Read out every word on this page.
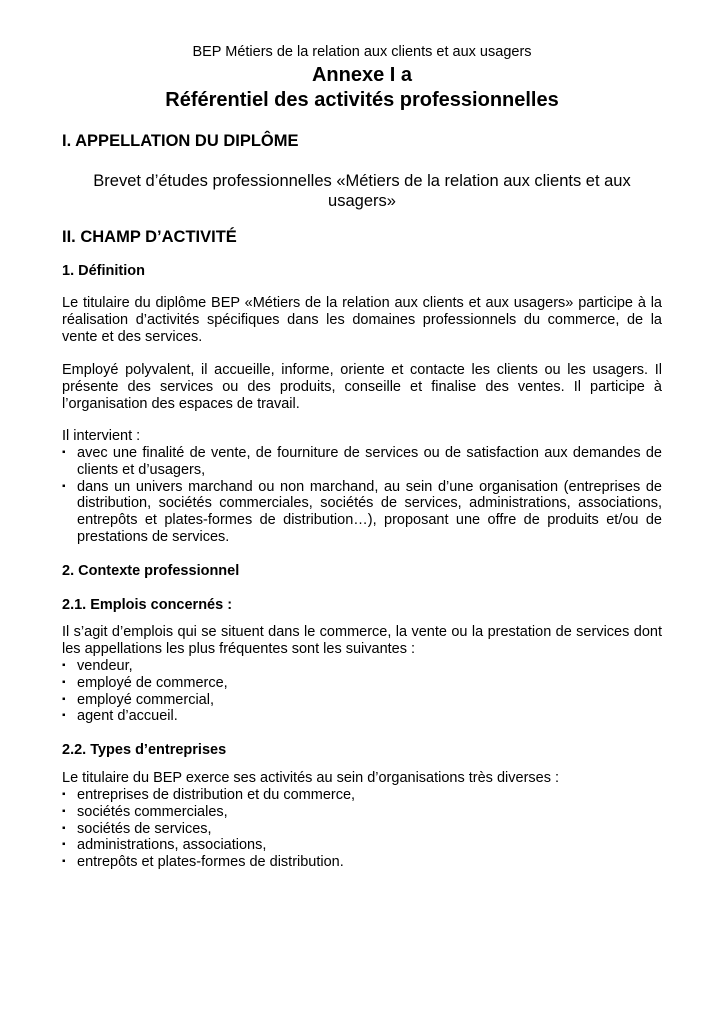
BEP Métiers de la relation aux clients et aux usagers
Annexe I a
Référentiel des activités professionnelles
I. APPELLATION DU DIPLÔME
Brevet d’études professionnelles «Métiers de la relation aux clients et aux usagers»
II. CHAMP D’ACTIVITÉ
1. Définition
Le titulaire du diplôme BEP «Métiers de la relation aux clients et aux usagers» participe à la réalisation d’activités spécifiques dans les domaines professionnels du commerce, de la vente et des services.
Employé polyvalent, il accueille, informe, oriente et contacte les clients ou les usagers. Il présente des services ou des produits, conseille et finalise des ventes. Il participe à l’organisation des espaces de travail.
Il intervient :
▪ avec une finalité de vente, de fourniture de services ou de satisfaction aux demandes de clients et d’usagers,
▪ dans un univers marchand ou non marchand, au sein d’une organisation (entreprises de distribution, sociétés commerciales, sociétés de services, administrations, associations, entrepôts et plates-formes de distribution…), proposant une offre de produits et/ou de prestations de services.
2. Contexte professionnel
2.1. Emplois concernés :
Il s’agit d’emplois qui se situent dans le commerce, la vente ou la prestation de services dont les appellations les plus fréquentes sont les suivantes :
▪ vendeur,
▪ employé de commerce,
▪ employé commercial,
▪ agent d’accueil.
2.2. Types d’entreprises
Le titulaire du BEP exerce ses activités au sein d’organisations très diverses :
▪ entreprises de distribution et du commerce,
▪ sociétés commerciales,
▪ sociétés de services,
▪ administrations, associations,
▪ entrepôts et plates-formes de distribution.
